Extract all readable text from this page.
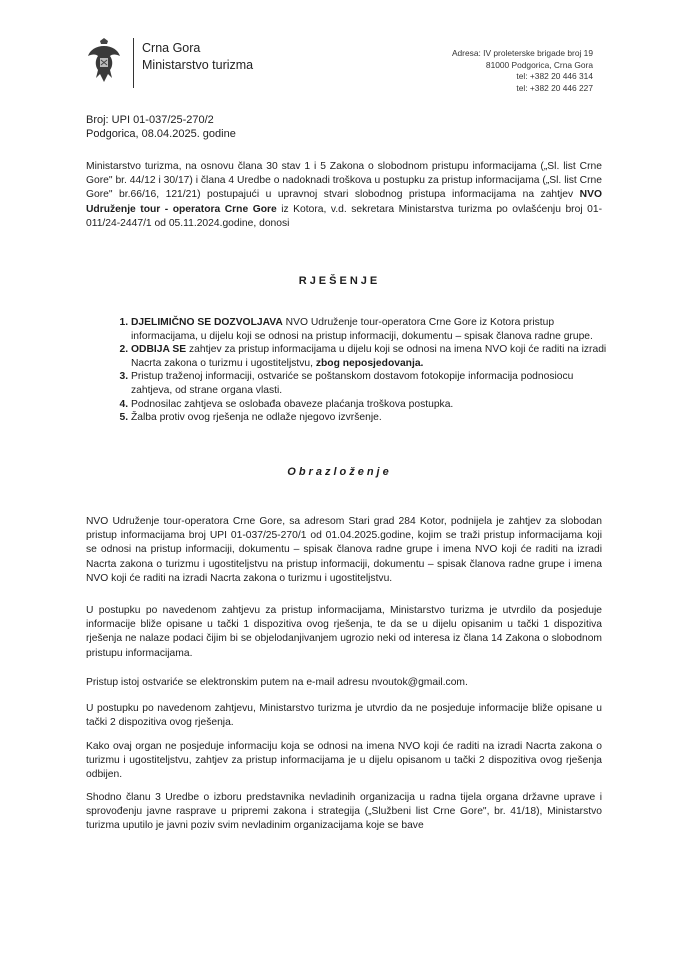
Crna Gora
Ministarstvo turizma
Adresa: IV proleterske brigade broj 19
81000 Podgorica, Crna Gora
tel: +382 20 446 314
tel: +382 20 446 227
Broj: UPI 01-037/25-270/2
Podgorica, 08.04.2025. godine
Ministarstvo turizma, na osnovu člana 30 stav 1 i 5 Zakona o slobodnom pristupu informacijama („Sl. list Crne Gore" br. 44/12 i 30/17) i člana 4 Uredbe o nadoknadi troškova u postupku za pristup informacijama („Sl. list Crne Gore" br.66/16, 121/21) postupajući u upravnoj stvari slobodnog pristupa informacijama na zahtjev NVO Udruženje tour - operatora Crne Gore iz Kotora, v.d. sekretara Ministarstva turizma po ovlašćenju broj 01-011/24-2447/1 od 05.11.2024.godine, donosi
RJEŠENJE
1. DJELIMIČNO SE DOZVOLJAVA NVO Udruženje tour-operatora Crne Gore iz Kotora pristup informacijama, u dijelu koji se odnosi na pristup informaciji, dokumentu – spisak članova radne grupe.
2. ODBIJA SE zahtjev za pristup informacijama u dijelu koji se odnosi na imena NVO koji će raditi na izradi Nacrta zakona o turizmu i ugostiteljstvu, zbog neposjedovanja.
3. Pristup traženoj informaciji, ostvariće se poštanskom dostavom fotokopije informacija podnosiocu zahtjeva, od strane organa vlasti.
4. Podnosilac zahtjeva se oslobađa obaveze plaćanja troškova postupka.
5. Žalba protiv ovog rješenja ne odlaže njegovo izvršenje.
Obrazloženje
NVO Udruženje tour-operatora Crne Gore, sa adresom Stari grad 284 Kotor, podnijela je zahtjev za slobodan pristup informacijama broj UPI 01-037/25-270/1 od 01.04.2025.godine, kojim se traži pristup informacijama koji se odnosi na pristup informaciji, dokumentu – spisak članova radne grupe i imena NVO koji će raditi na izradi Nacrta zakona o turizmu i ugostiteljstvu na pristup informaciji, dokumentu – spisak članova radne grupe i imena NVO koji će raditi na izradi Nacrta zakona o turizmu i ugostiteljstvu.
U postupku po navedenom zahtjevu za pristup informacijama, Ministarstvo turizma je utvrdilo da posjeduje informacije bliže opisane u tački 1 dispozitiva ovog rješenja, te da se u dijelu opisanim u tački 1 dispozitiva rješenja ne nalaze podaci čijim bi se objelodanjivanjem ugrozio neki od interesa iz člana 14 Zakona o slobodnom pristupu informacijama.
Pristup istoj ostvariće se elektronskim putem na e-mail adresu nvoutok@gmail.com.
U postupku po navedenom zahtjevu, Ministarstvo turizma je utvrdio da ne posjeduje informacije bliže opisane u tački 2 dispozitiva ovog rješenja.
Kako ovaj organ ne posjeduje informaciju koja se odnosi na imena NVO koji će raditi na izradi Nacrta zakona o turizmu i ugostiteljstvu, zahtjev za pristup informacijama je u dijelu opisanom u tački 2 dispozitiva ovog rješenja odbijen.
Shodno članu 3 Uredbe o izboru predstavnika nevladinih organizacija u radna tijela organa državne uprave i sprovođenju javne rasprave u pripremi zakona i strategija („Službeni list Crne Gore", br. 41/18), Ministarstvo turizma uputilo je javni poziv svim nevladinim organizacijama koje se bave
